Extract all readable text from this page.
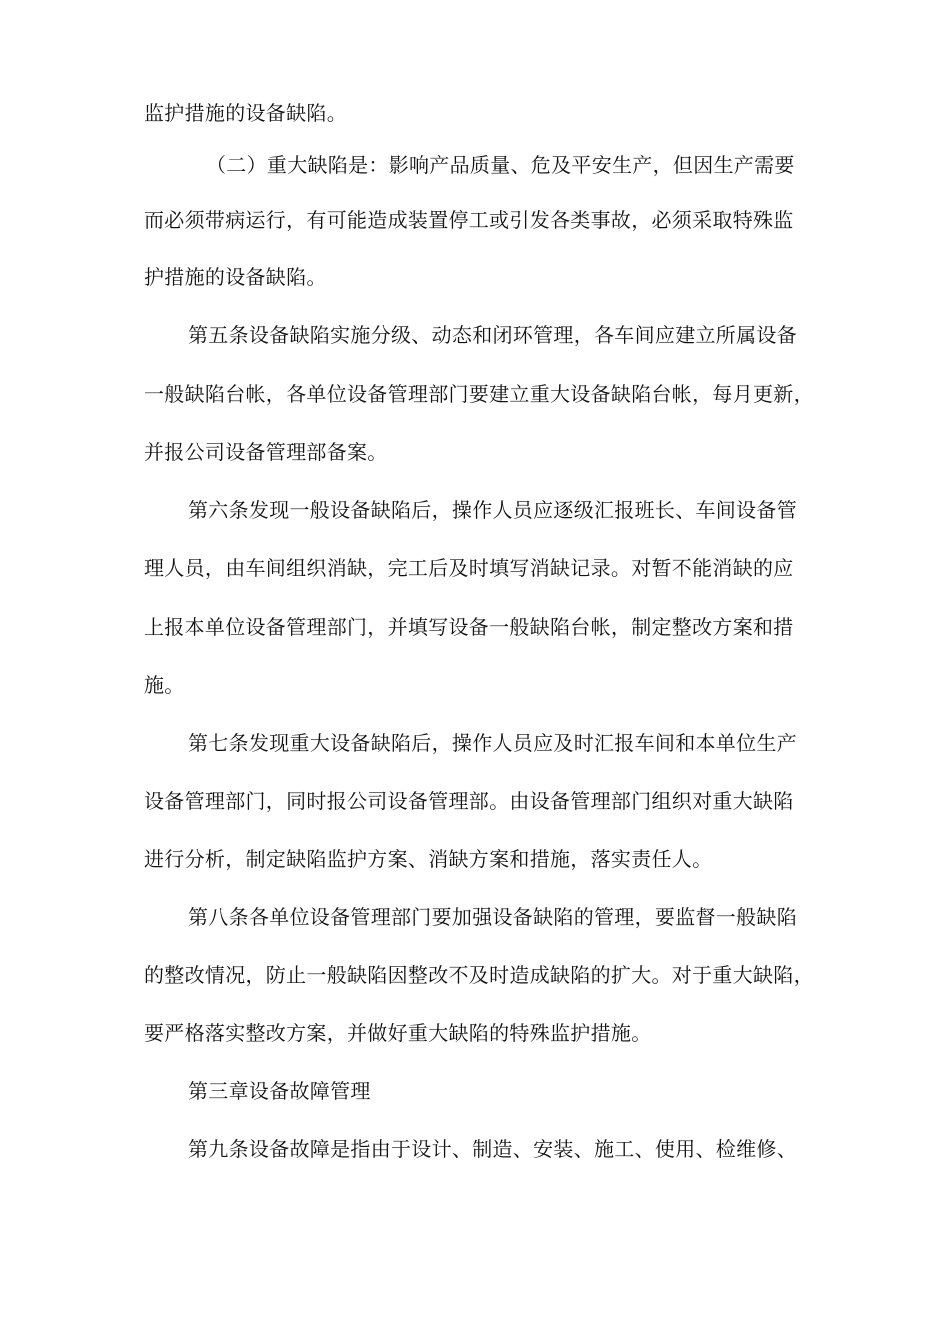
监护措施的设备缺陷。
（二）重大缺陷是：影响产品质量、危及平安生产，但因生产需要
而必须带病运行，有可能造成装置停工或引发各类事故，必须采取特殊监
护措施的设备缺陷。
第五条设备缺陷实施分级、动态和闭环管理，各车间应建立所属设备
一般缺陷台帐，各单位设备管理部门要建立重大设备缺陷台帐，每月更新，
并报公司设备管理部备案。
第六条发现一般设备缺陷后，操作人员应逐级汇报班长、车间设备管
理人员，由车间组织消缺，完工后及时填写消缺记录。对暂不能消缺的应
上报本单位设备管理部门，并填写设备一般缺陷台帐，制定整改方案和措
施。
第七条发现重大设备缺陷后，操作人员应及时汇报车间和本单位生产
设备管理部门，同时报公司设备管理部。由设备管理部门组织对重大缺陷
进行分析，制定缺陷监护方案、消缺方案和措施，落实责任人。
第八条各单位设备管理部门要加强设备缺陷的管理，要监督一般缺陷
的整改情况，防止一般缺陷因整改不及时造成缺陷的扩大。对于重大缺陷，
要严格落实整改方案，并做好重大缺陷的特殊监护措施。
第三章设备故障管理
第九条设备故障是指由于设计、制造、安装、施工、使用、检维修、
